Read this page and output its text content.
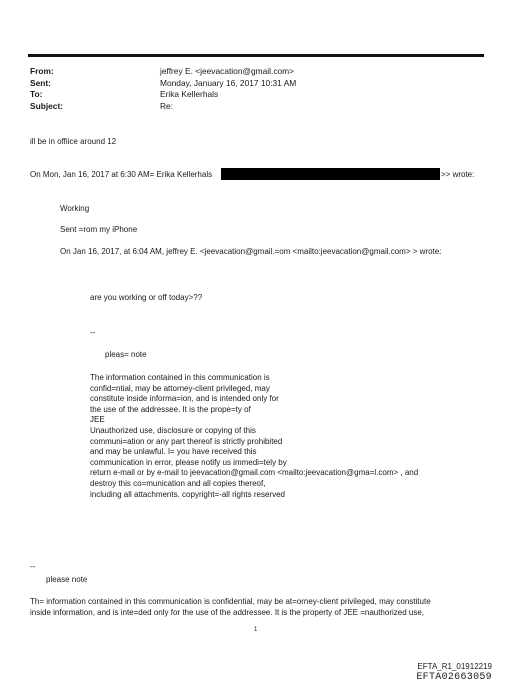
From:	jeffrey E. <jeevacation@gmail.com>
Sent:	Monday, January 16, 2017 10:31 AM
To:	Erika Kellerhals
Subject:	Re:
ill be in offiice around 12
On Mon, Jan 16, 2017 at 6:30 AM= Erika Kellerhals	>> wrote:
Working
Sent =rom my iPhone
On Jan 16, 2017, at 6:04 AM, jeffrey E. <jeevacation@gmail.=om <mailto:jeevacation@gmail.com> > wrote:
are you working or off today>??
--
pleas= note
The information contained in this communication is
confid=ntial, may be attorney-client privileged, may
constitute inside informa=ion, and is intended only for
the use of the addressee. It is the prope=ty of
JEE
Unauthorized use, disclosure or copying of this
communi=ation or any part thereof is strictly prohibited
and may be unlawful. I= you have received this
communication in error, please notify us immedi=tely by
return e-mail or by e-mail to jeevacation@gmail.com <mailto:jeevacation@gma=l.com> , and
destroy this co=munication and all copies thereof,
including all attachments. copyright=-all rights reserved
--
please note
Th= information contained in this communication is confidential, may be at=orney-client privileged, may constitute
inside information, and is inte=ded only for the use of the addressee. It is the property of JEE =nauthorized use,
1
EFTA_R1_01912219
EFTA02663059
